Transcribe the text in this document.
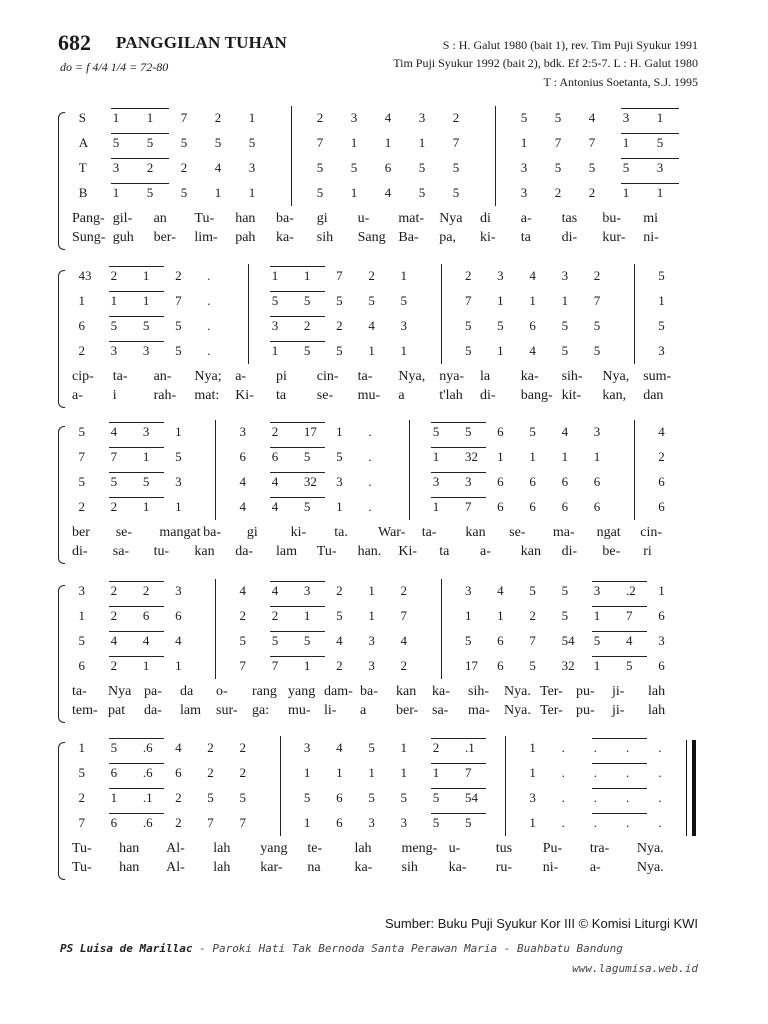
682 PANGGILAN TUHAN
do = f 4/4 1/4 = 72-80
S : H. Galut 1980 (bait 1), rev. Tim Puji Syukur 1991
Tim Puji Syukur 1992 (bait 2), bdk. Ef 2:5-7. L : H. Galut 1980
T : Antonius Soetanta, S.J. 1995
S 1 1 7 2 1	2 3 4 3 2	5 5 4 3 1
A 5 5 5 5 5	7 1 1 1 7	1 7 7 1 5
T 3 2 2 4 3	5 5 6 5 5	3 5 5 5 3
B 1 5 5 1 1	5 1 4 5 5	3 2 2 1 1
Pang- gil- an Tu- han ba- gi u- mat- Nya di a- tas bu- mi
Sung- guh ber- lim- pah ka- sih Sang Ba- pa, ki- ta di- kur- ni-
43 2 1 2 .	1 1 7 2 1	2 3 4 3 2	5
1 1 1 7 .	5 5 5 5 5	7 1 1 1 7	1
6 5 5 5 .	3 2 2 4 3	5 5 6 5 5	5
2 3 3 5 .	1 5 5 1 1	5 1 4 5 5	3
cip- ta- an- Nya; a- pi cin- ta- Nya, nya- la ka- sih- Nya, sum-
a- i	rah- mat: Ki- ta se- mu- a t'lah di- bang- kit- kan, dan
5 4 3 1	3 2 17 1 .	5 5 6 5 4 3	4
7 7 1 5	6 6 5 5 .	1 32 1 1 1 1	2
5 5 5 3	4 4 32 3 .	3 3 6 6 6 6	6
2 2 1 1	4 4 5 1 .	1 7 6 6 6 6	6
ber se- mangat ba- gi ki- ta. War- ta- kan se- ma- ngat cin-
di- sa- tu- kan da- lam Tu- han. Ki- ta a- kan di- be- ri
3 2 2 3	4 4 3 2 1 2	3 4 5 5 3 .2 1
1 2 6 6	2 2 1 5 1 7	1 1 2 5 1 7 6
5 4 4 4	5 5 5 4 3 4	5 6 7 54 5 4 3
6 2 1 1	7 7 1 2 3 2	17 6 5 32 1 5 6
ta- Nya pa- da o- rang yang dam- ba- kan ka- sih- Nya. Ter- pu- ji- lah
tem- pat da- lam sur- ga: mu- li- a ber- sa- ma- Nya. Ter- pu- ji- lah
1 5 .6 4 2 2	3 4 5 1 2 .1	1 . . . .
5 6 .6 6 2 2	1 1 1 1 1 7	1 . . . .
2 1 .1 2 5 5	5 6 5 5 5 54	3 . . . .
7 6 .6 2 7 7	1 6 3 3 5 5	1 . . . .
Tu- han Al- lah yang te- lah meng- u-	tus Pu- tra- Nya.
Tu- han Al- lah kar- na ka- sih ka- ru- ni- a-	Nya.
Sumber: Buku Puji Syukur Kor III © Komisi Liturgi KWI
PS Luisa de Marillac - Paroki Hati Tak Bernoda Santa Perawan Maria - Buahbatu Bandung
www.lagumisa.web.id
